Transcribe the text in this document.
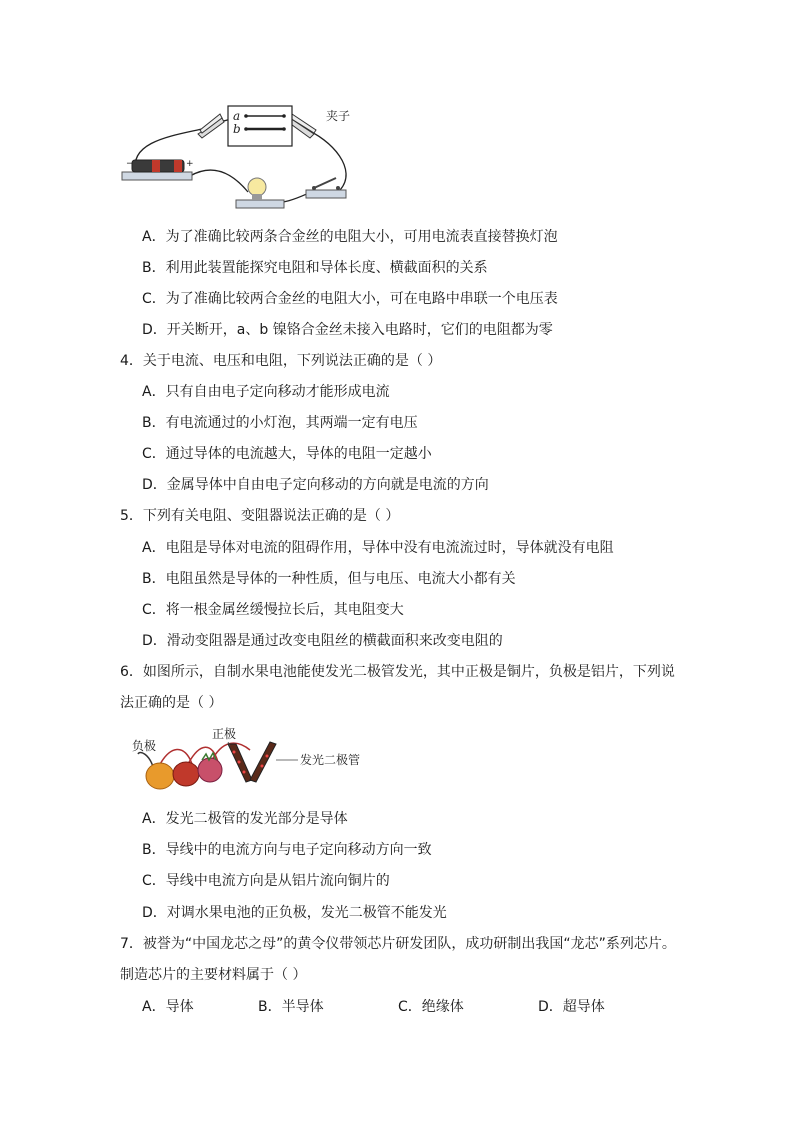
a
b
夹子
−	+
A．为了准确比较两条合金丝的电阻大小，可用电流表直接替换灯泡
B．利用此装置能探究电阻和导体长度、横截面积的关系
C．为了准确比较两合金丝的电阻大小，可在电路中串联一个电压表
D．开关断开，a、b 镍铬合金丝未接入电路时，它们的电阻都为零
4．关于电流、电压和电阻，下列说法正确的是（ ）
A．只有自由电子定向移动才能形成电流
B．有电流通过的小灯泡，其两端一定有电压
C．通过导体的电流越大，导体的电阻一定越小
D．金属导体中自由电子定向移动的方向就是电流的方向
5．下列有关电阻、变阻器说法正确的是（ ）
A．电阻是导体对电流的阻碍作用，导体中没有电流流过时，导体就没有电阻
B．电阻虽然是导体的一种性质，但与电压、电流大小都有关
C．将一根金属丝缓慢拉长后，其电阻变大
D．滑动变阻器是通过改变电阻丝的横截面积来改变电阻的
6．如图所示，自制水果电池能使发光二极管发光，其中正极是铜片，负极是铝片，下列说
法正确的是（ ）
负极
正极
发光二极管
A．发光二极管的发光部分是导体
B．导线中的电流方向与电子定向移动方向一致
C．导线中电流方向是从铝片流向铜片的
D．对调水果电池的正负极，发光二极管不能发光
7．被誉为“中国龙芯之母”的黄令仪带领芯片研发团队，成功研制出我国“龙芯”系列芯片。
制造芯片的主要材料属于（ ）
A．导体	B．半导体	C．绝缘体	D．超导体
